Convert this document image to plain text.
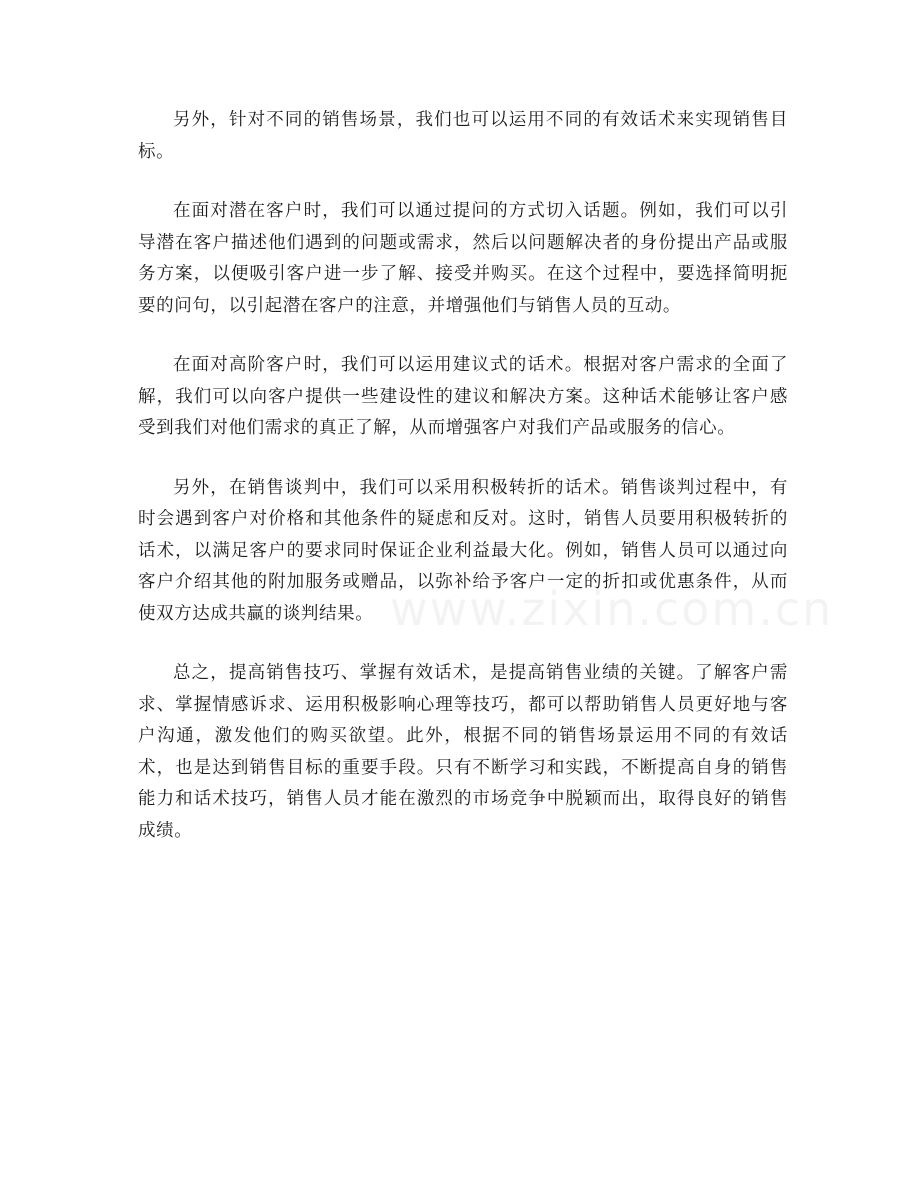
另外，针对不同的销售场景，我们也可以运用不同的有效话术来实现销售目标。

在面对潜在客户时，我们可以通过提问的方式切入话题。例如，我们可以引导潜在客户描述他们遇到的问题或需求，然后以问题解决者的身份提出产品或服务方案，以便吸引客户进一步了解、接受并购买。在这个过程中，要选择简明扼要的问句，以引起潜在客户的注意，并增强他们与销售人员的互动。

在面对高阶客户时，我们可以运用建议式的话术。根据对客户需求的全面了解，我们可以向客户提供一些建设性的建议和解决方案。这种话术能够让客户感受到我们对他们需求的真正了解，从而增强客户对我们产品或服务的信心。

另外，在销售谈判中，我们可以采用积极转折的话术。销售谈判过程中，有时会遇到客户对价格和其他条件的疑虑和反对。这时，销售人员要用积极转折的话术，以满足客户的要求同时保证企业利益最大化。例如，销售人员可以通过向客户介绍其他的附加服务或赠品，以弥补给予客户一定的折扣或优惠条件，从而使双方达成共赢的谈判结果。

总之，提高销售技巧、掌握有效话术，是提高销售业绩的关键。了解客户需求、掌握情感诉求、运用积极影响心理等技巧，都可以帮助销售人员更好地与客户沟通，激发他们的购买欲望。此外，根据不同的销售场景运用不同的有效话术，也是达到销售目标的重要手段。只有不断学习和实践，不断提高自身的销售能力和话术技巧，销售人员才能在激烈的市场竞争中脱颖而出，取得良好的销售成绩。
